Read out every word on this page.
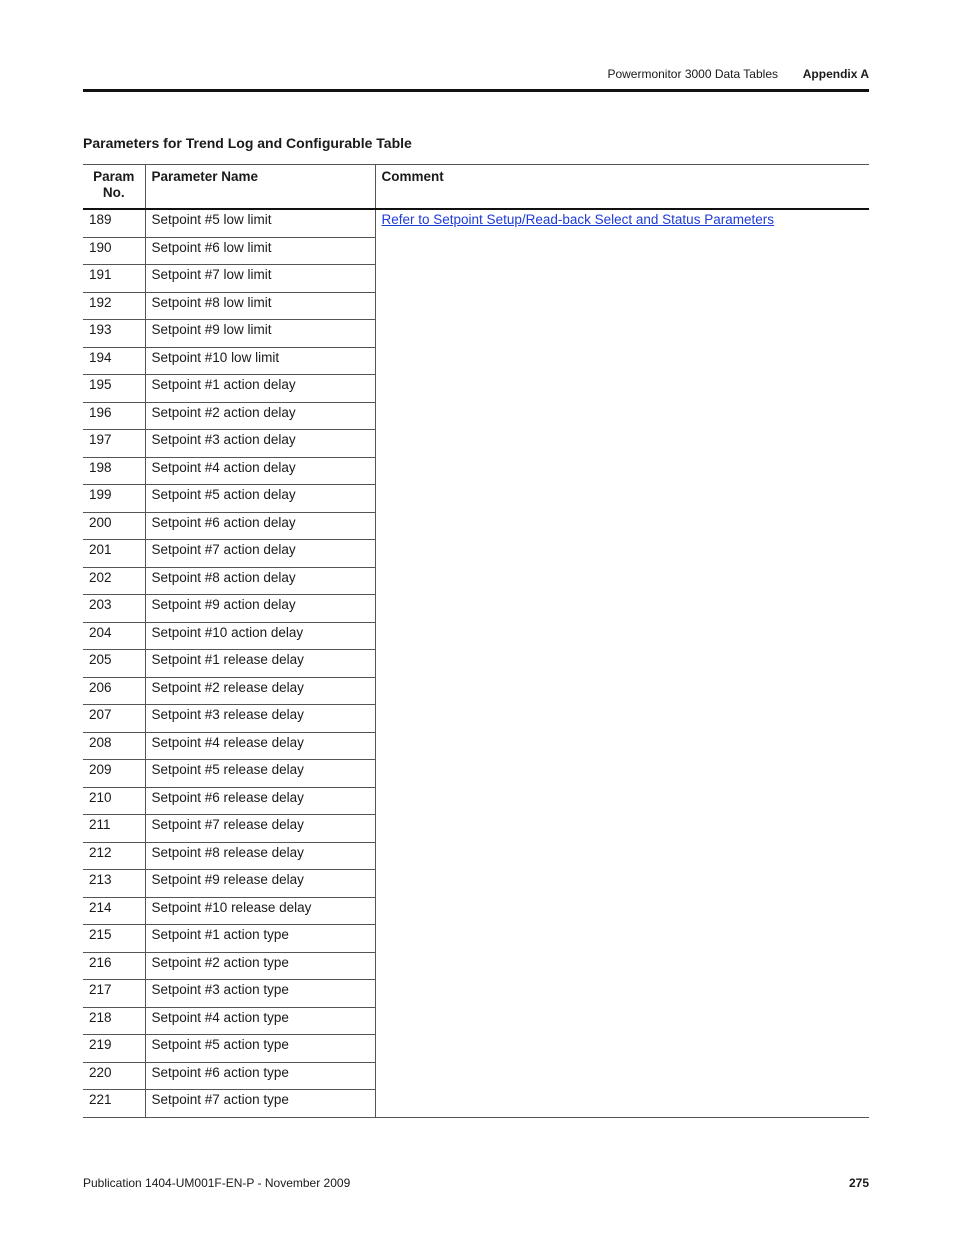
Powermonitor 3000 Data Tables Appendix A
Parameters for Trend Log and Configurable Table
Param No.	Parameter Name	Comment
189	Setpoint #5 low limit	Refer to Setpoint Setup/Read-back Select and Status Parameters
190	Setpoint #6 low limit	
191	Setpoint #7 low limit	
192	Setpoint #8 low limit	
193	Setpoint #9 low limit	
194	Setpoint #10 low limit	
195	Setpoint #1 action delay	
196	Setpoint #2 action delay	
197	Setpoint #3 action delay	
198	Setpoint #4 action delay	
199	Setpoint #5 action delay	
200	Setpoint #6 action delay	
201	Setpoint #7 action delay	
202	Setpoint #8 action delay	
203	Setpoint #9 action delay	
204	Setpoint #10 action delay	
205	Setpoint #1 release delay	
206	Setpoint #2 release delay	
207	Setpoint #3 release delay	
208	Setpoint #4 release delay	
209	Setpoint #5 release delay	
210	Setpoint #6 release delay	
211	Setpoint #7 release delay	
212	Setpoint #8 release delay	
213	Setpoint #9 release delay	
214	Setpoint #10 release delay	
215	Setpoint #1 action type	
216	Setpoint #2 action type	
217	Setpoint #3 action type	
218	Setpoint #4 action type	
219	Setpoint #5 action type	
220	Setpoint #6 action type	
221	Setpoint #7 action type	
Publication 1404-UM001F-EN-P - November 2009	275
